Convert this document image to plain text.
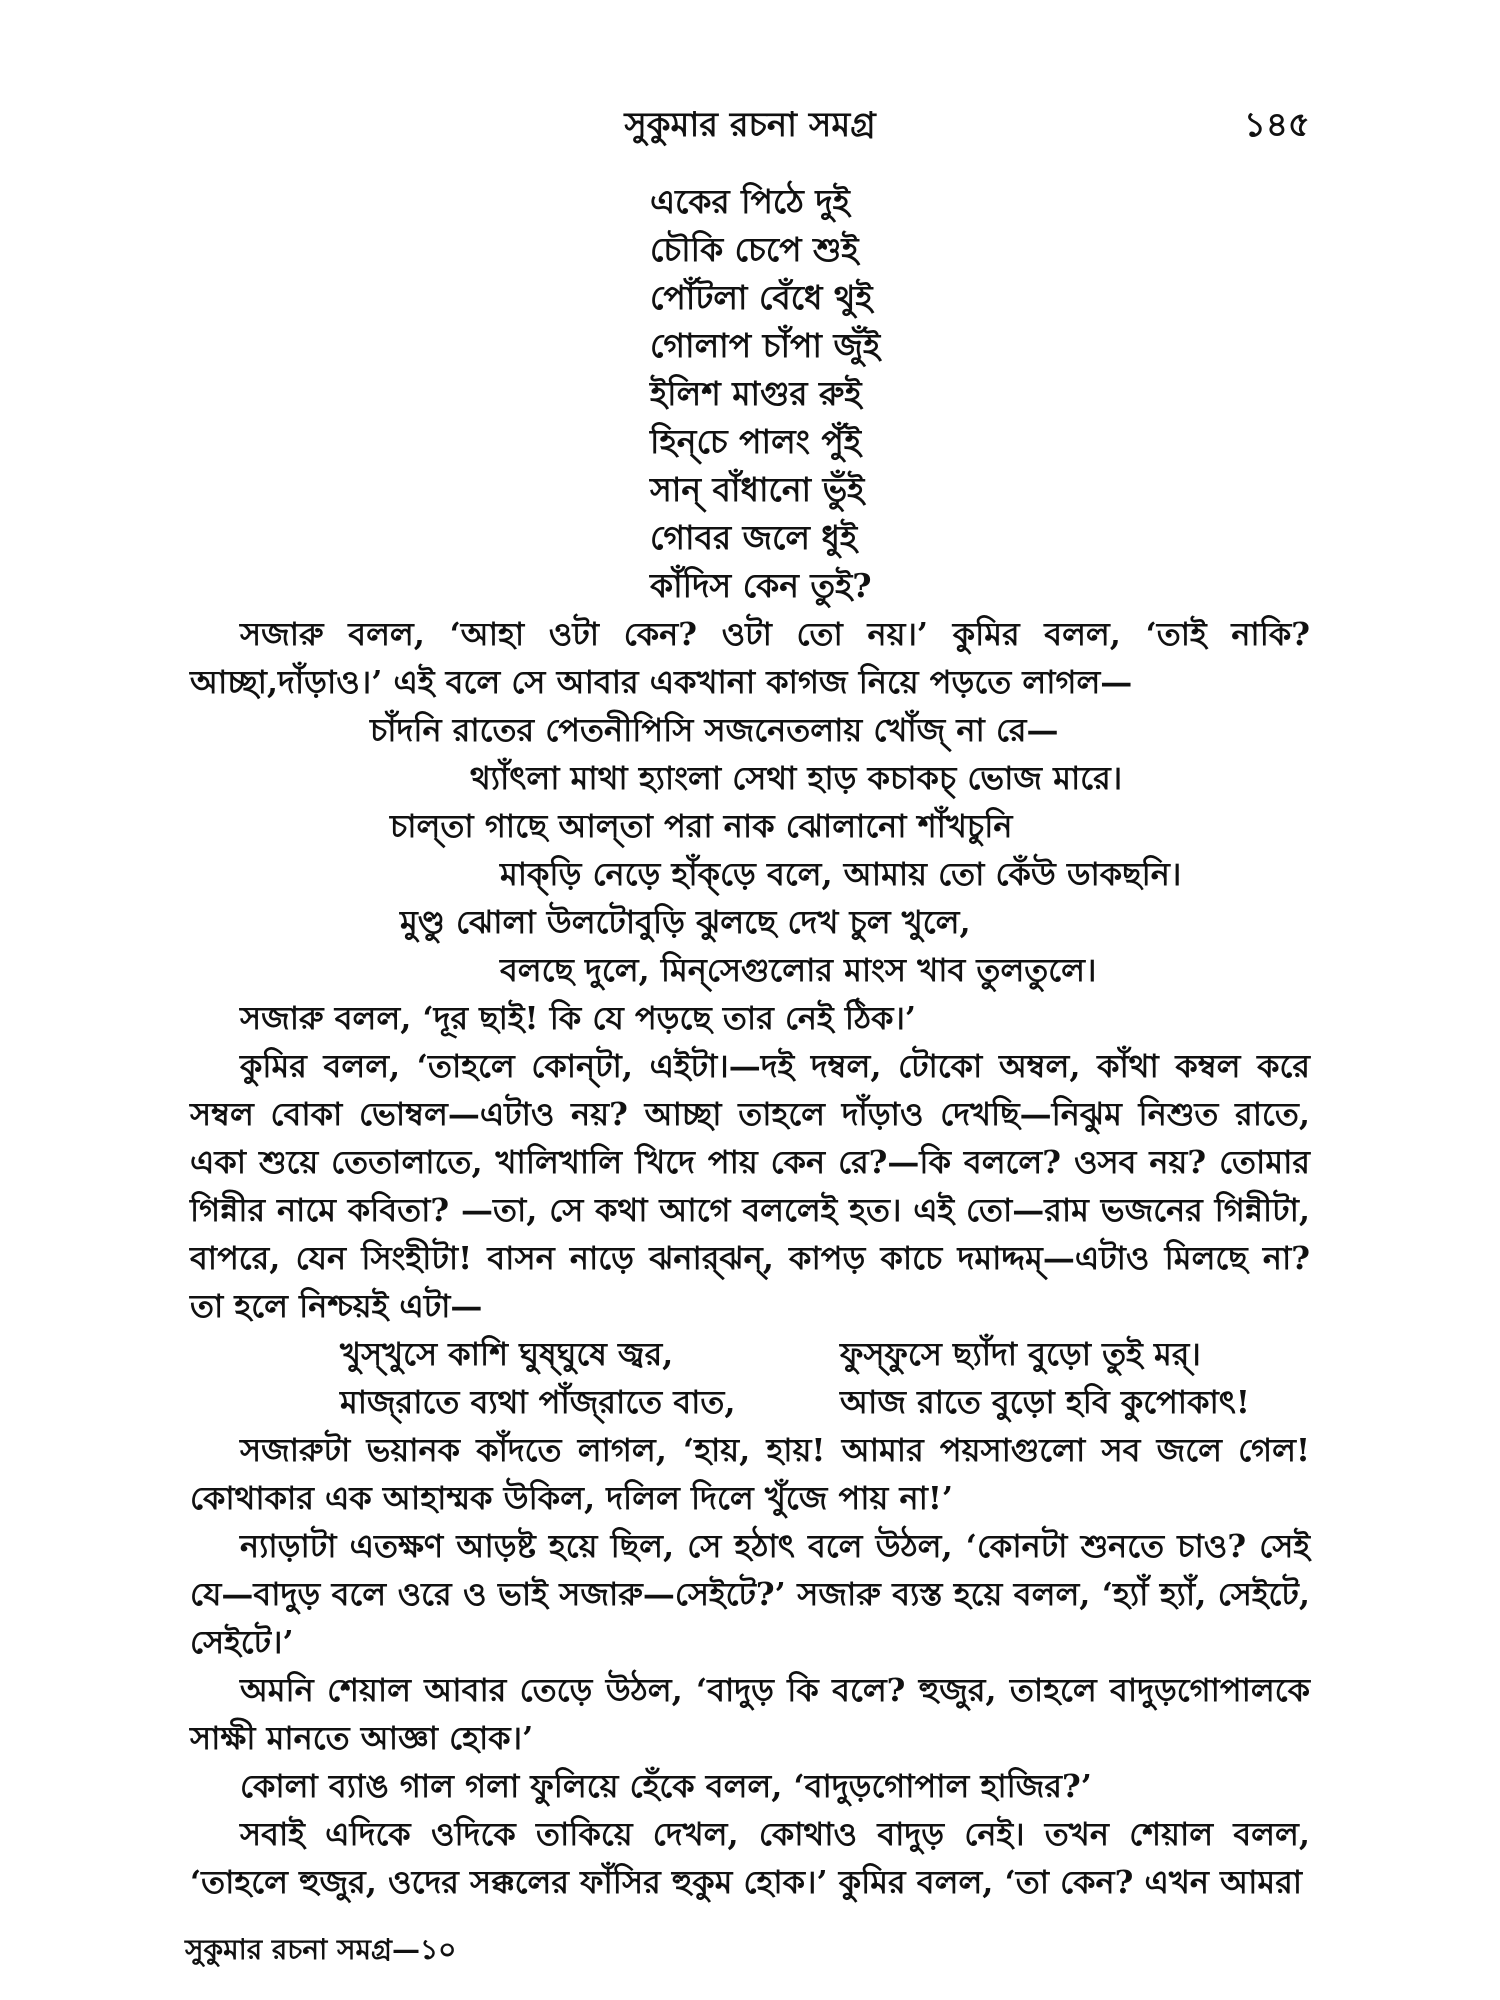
সুকুমার রচনা সমগ্র	১৪৫
একের পিঠে দুই
চৌকি চেপে শুই
পোঁটলা বেঁধে থুই
গোলাপ চাঁপা জুঁই
ইলিশ মাগুর রুই
হিন্‌চে পালং পুঁই
সান্‌ বাঁধানো ভুঁই
গোবর জলে ধুই
কাঁদিস কেন তুই?

সজারু বলল, ‘আহা ওটা কেন? ওটা তো নয়।’ কুমির বলল, ‘তাই নাকি? আচ্ছা,দাঁড়াও।’ এই বলে সে আবার একখানা কাগজ নিয়ে পড়তে লাগল—

চাঁদনি রাতের পেতনীপিসি সজনেতলায় খোঁজ্‌ না রে—
থ্যাঁৎলা মাথা হ্যাংলা সেথা হাড় কচাকচ্‌ ভোজ মারে।
চাল্‌তা গাছে আল্‌তা পরা নাক ঝোলানো শাঁখচুনি
মাক্‌ড়ি নেড়ে হাঁক্‌ড়ে বলে, আমায় তো কেঁউ ডাকছনি।
মুণ্ডু ঝোলা উলটোবুড়ি ঝুলছে দেখ চুল খুলে,
বলছে দুলে, মিন্‌সেগুলোর মাংস খাব তুলতুলে।

সজারু বলল, ‘দূর ছাই! কি যে পড়ছে তার নেই ঠিক।’

কুমির বলল, ‘তাহলে কোন্‌টা, এইটা।—দই দম্বল, টোকো অম্বল, কাঁথা কম্বল করে সম্বল বোকা ভোম্বল—এটাও নয়? আচ্ছা তাহলে দাঁড়াও দেখছি—নিঝুম নিশুত রাতে, একা শুয়ে তেতালাতে, খালিখালি খিদে পায় কেন রে?—কি বললে? ওসব নয়? তোমার গিন্নীর নামে কবিতা? —তা, সে কথা আগে বললেই হত। এই তো—রাম ভজনের গিন্নীটা, বাপরে, যেন সিংহীটা! বাসন নাড়ে ঝনার্‌ঝন্‌, কাপড় কাচে দমাদ্দম্‌—এটাও মিলছে না? তা হলে নিশ্চয়ই এটা—

খুস্‌খুসে কাশি ঘুষ্‌ঘুষে জ্বর,	ফুস্‌ফুসে ছ্যাঁদা বুড়ো তুই মর্‌।
মাজ্‌রাতে ব্যথা পাঁজ্‌রাতে বাত,	আজ রাতে বুড়ো হবি কুপোকাৎ!

সজারুটা ভয়ানক কাঁদতে লাগল, ‘হায়, হায়! আমার পয়সাগুলো সব জলে গেল! কোথাকার এক আহাম্মক উকিল, দলিল দিলে খুঁজে পায় না!’

ন্যাড়াটা এতক্ষণ আড়ষ্ট হয়ে ছিল, সে হঠাৎ বলে উঠল, ‘কোনটা শুনতে চাও? সেই যে—বাদুড় বলে ওরে ও ভাই সজারু—সেইটে?’ সজারু ব্যস্ত হয়ে বলল, ‘হ্যাঁ হ্যাঁ, সেইটে, সেইটে।’

অমনি শেয়াল আবার তেড়ে উঠল, ‘বাদুড় কি বলে? হুজুর, তাহলে বাদুড়গোপালকে সাক্ষী মানতে আজ্ঞা হোক।’

কোলা ব্যাঙ গাল গলা ফুলিয়ে হেঁকে বলল, ‘বাদুড়গোপাল হাজির?’

সবাই এদিকে ওদিকে তাকিয়ে দেখল, কোথাও বাদুড় নেই। তখন শেয়াল বলল, ‘তাহলে হুজুর, ওদের সক্কলের ফাঁসির হুকুম হোক।’ কুমির বলল, ‘তা কেন? এখন আমরা

সুকুমার রচনা সমগ্র—১০
